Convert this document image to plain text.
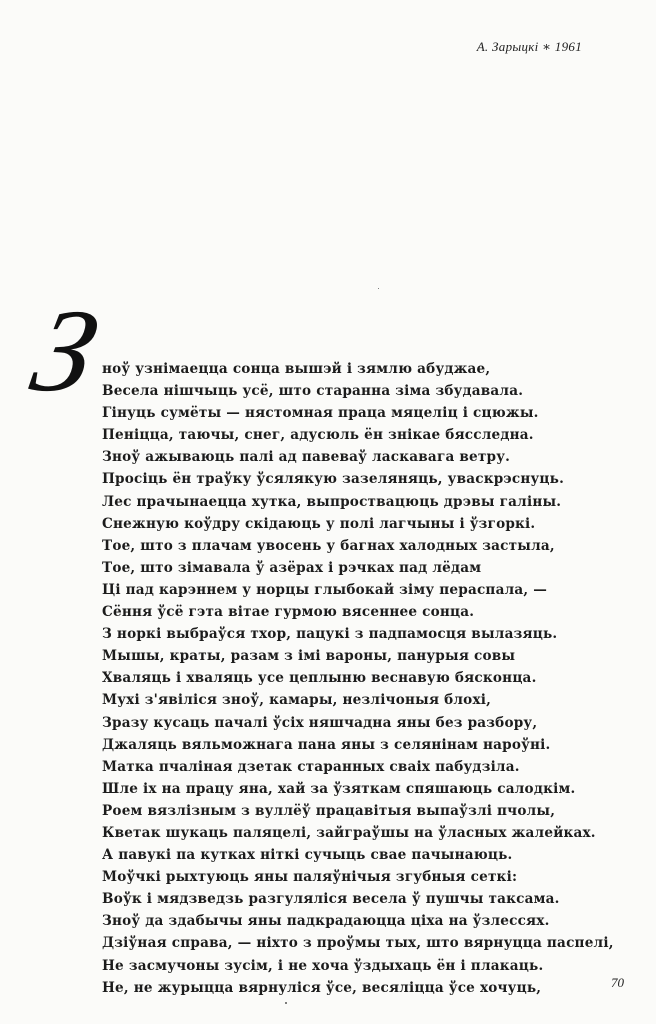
А. Зарыцкі ∗ 1961
З
ноў узнімаецца сонца вышэй і зямлю абуджае,
Весела нішчыць усё, што старанна зіма збудавала.
Гінуць сумёты — нястомная праца мяцеліц і сцюжы.
Пеніцца, таючы, снег, адусюль ён знікае бясследна.
Зноў ажываюць палі ад павеваў ласкавага ветру.
Просіць ён траўку ўсялякую зазеляняць, уваскрэснуць.
Лес прачынаецца хутка, выпроствацюць дрэвы галіны.
Снежную коўдру скідаюць у полі лагчыны і ўзгоркі.
Тое, што з плачам увосень у багнах халодных застыла,
Тое, што зімавала ў азёрах і рэчках пад лёдам
Ці пад карэннем у норцы глыбокай зіму пераспала, —
Сёння ўсё гэта вітае гурмою вясеннеe сонца.
З норкі выбраўся тхор, пацукі з падпамосця вылазяць.
Мышы, краты, разам з імі вароны, панурыя совы
Хваляць і хваляць усе цеплыню веснавую бясконца.
Мухі з'явіліся зноў, камары, незлічоныя блохі,
Зразу кусаць пачалі ўсіх няшчадна яны без разбору,
Джаляць вяльможнага пана яны з селянінам нароўні.
Матка пчаліная дзетак старанных сваіх пабудзіла.
Шле іх на працу яна, хай за ўзяткам спяшаюць салодкім.
Роем вязлізным з вуллёў працавітыя выпаўзлі пчолы,
Кветак шукаць паляцелі, зайграўшы на ўласных жалейках.
А павукі па кутках ніткі сучыць свае пачынаюць.
Моўчкі рыхтуюць яны паляўнічыя згубныя сеткі:
Воўк і мядзведзь разгуляліся весела ў пушчы таксама.
Зноў да здабычы яны падкрадаюцца ціха на ўзлессях.
Дзіўная справа, — ніхто з проўмы тых, што вярнуцца паспелі,
Не засмучоны зусім, і не хоча ўздыхаць ён і плакаць.
Не, не журыцца вярнуліся ўсе, весяліцца ўсе хочуць,	70
